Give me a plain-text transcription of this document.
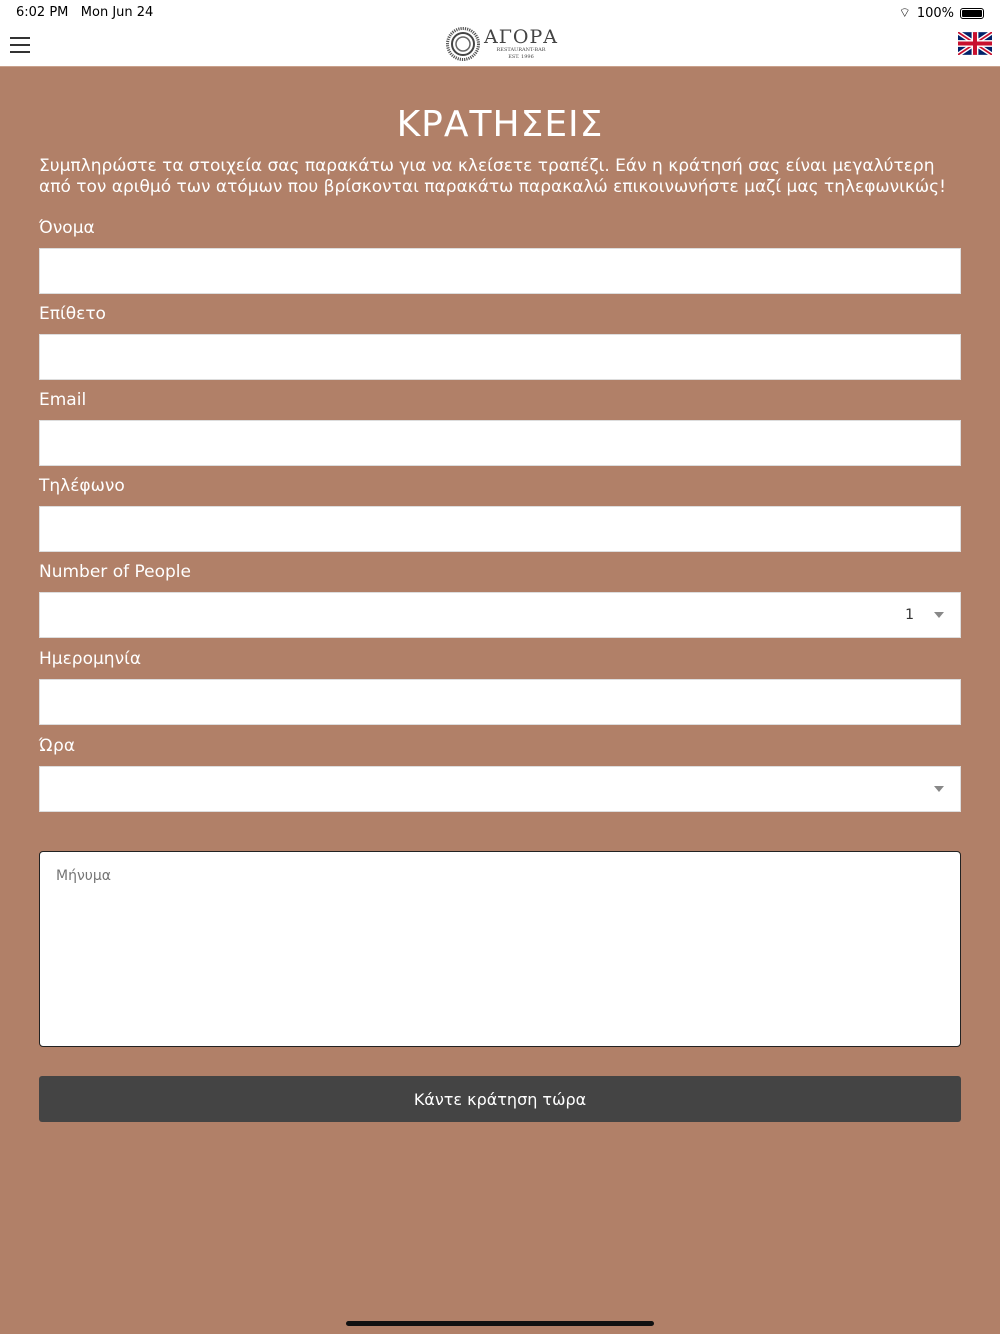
6:02 PM Mon Jun 24	⌔ 100%
ΑΓΟΡΑ
RESTAURANT-BAR
EST. 1996
ΚΡΑΤΗΣΕΙΣ

Συμπληρώστε τα στοιχεία σας παρακάτω για να κλείσετε τραπέζι. Εάν η κράτησή σας είναι μεγαλύτερη από τον αριθμό των ατόμων που βρίσκονται παρακάτω παρακαλώ επικοινωνήστε μαζί μας τηλεφωνικώς!

Όνομα
Επίθετο
Email
Τηλέφωνο
Number of People
1
Ημερομηνία
Ώρα
Μήνυμα
Κάντε κράτηση τώρα
